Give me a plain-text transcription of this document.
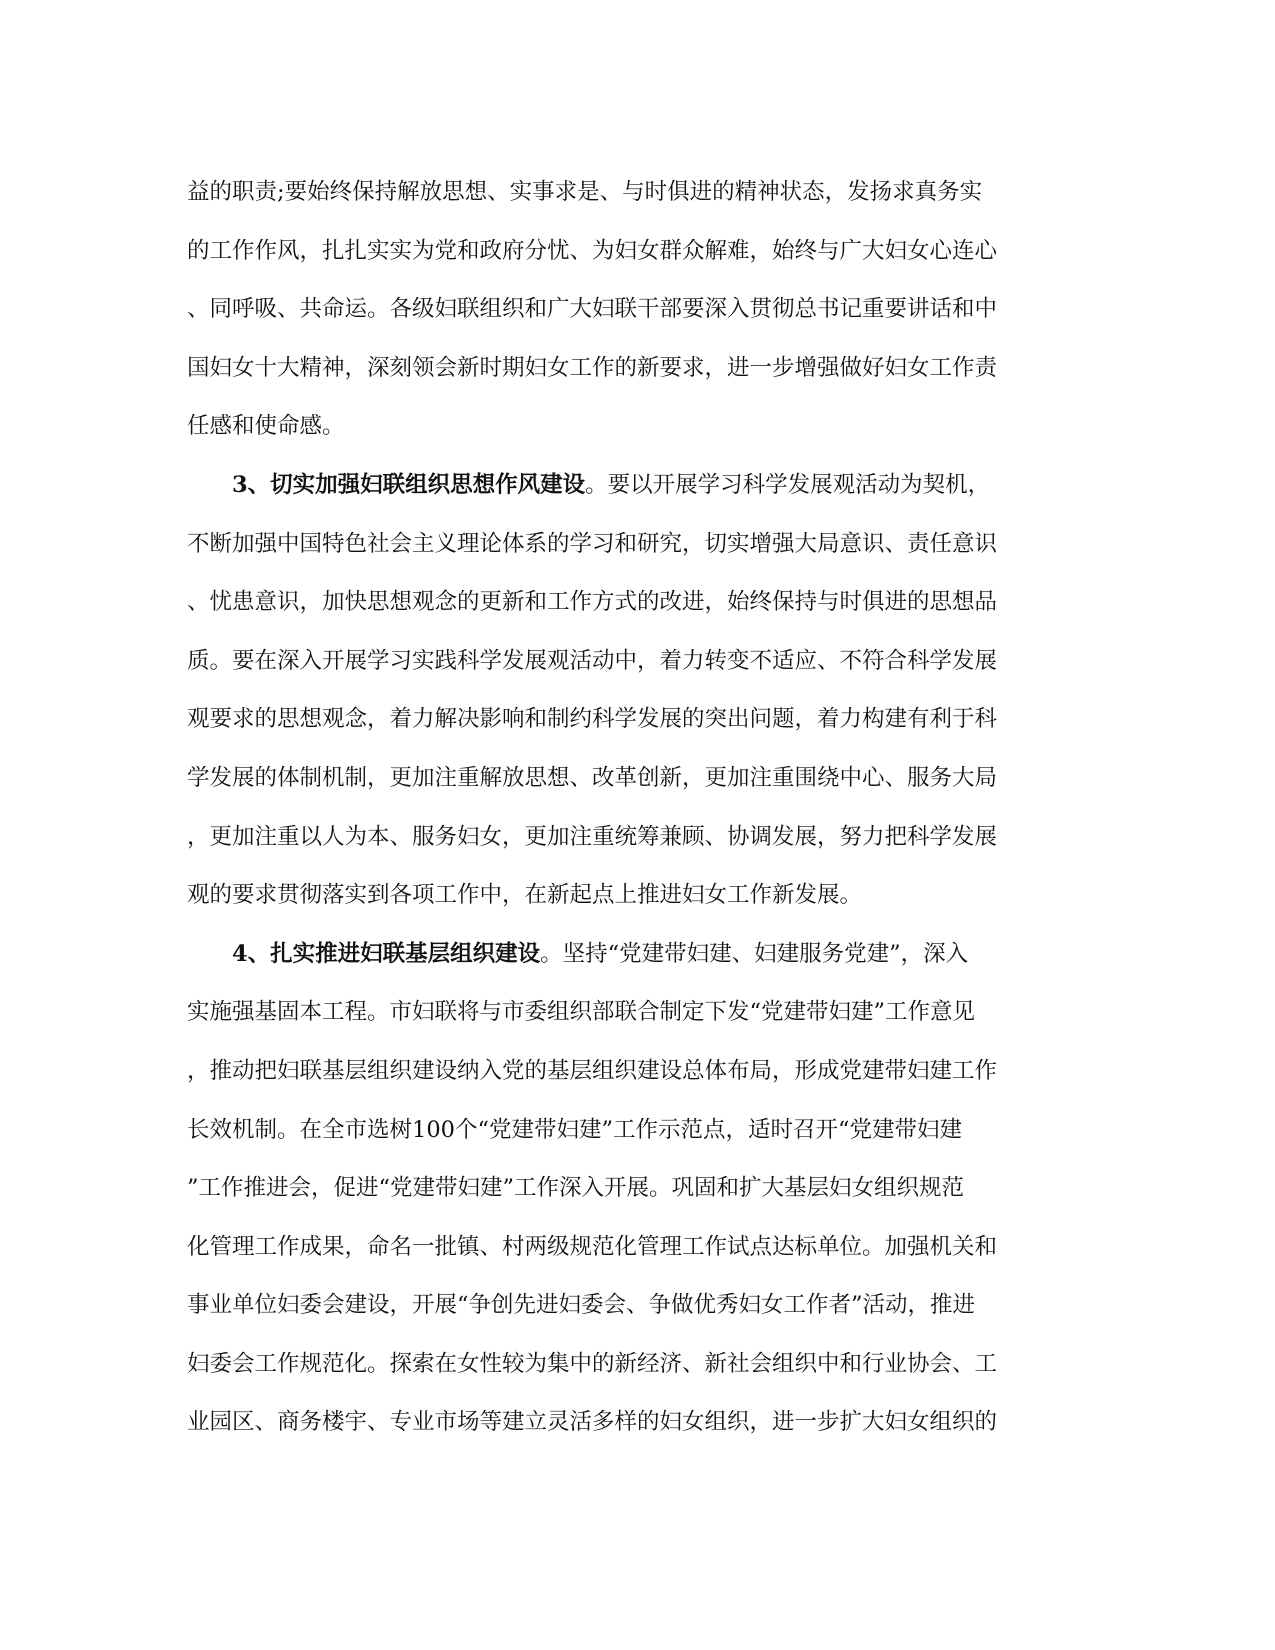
益的职责;要始终保持解放思想、实事求是、与时俱进的精神状态，发扬求真务实
的工作作风，扎扎实实为党和政府分忧、为妇女群众解难，始终与广大妇女心连心
、同呼吸、共命运。各级妇联组织和广大妇联干部要深入贯彻总书记重要讲话和中
国妇女十大精神，深刻领会新时期妇女工作的新要求，进一步增强做好妇女工作责
任感和使命感。
3、切实加强妇联组织思想作风建设。要以开展学习科学发展观活动为契机，
不断加强中国特色社会主义理论体系的学习和研究，切实增强大局意识、责任意识
、忧患意识，加快思想观念的更新和工作方式的改进，始终保持与时俱进的思想品
质。要在深入开展学习实践科学发展观活动中，着力转变不适应、不符合科学发展
观要求的思想观念，着力解决影响和制约科学发展的突出问题，着力构建有利于科
学发展的体制机制，更加注重解放思想、改革创新，更加注重围绕中心、服务大局
，更加注重以人为本、服务妇女，更加注重统筹兼顾、协调发展，努力把科学发展
观的要求贯彻落实到各项工作中，在新起点上推进妇女工作新发展。
4、扎实推进妇联基层组织建设。坚持“党建带妇建、妇建服务党建”，深入
实施强基固本工程。市妇联将与市委组织部联合制定下发“党建带妇建”工作意见
，推动把妇联基层组织建设纳入党的基层组织建设总体布局，形成党建带妇建工作
长效机制。在全市选树100个“党建带妇建”工作示范点，适时召开“党建带妇建
”工作推进会，促进“党建带妇建”工作深入开展。巩固和扩大基层妇女组织规范
化管理工作成果，命名一批镇、村两级规范化管理工作试点达标单位。加强机关和
事业单位妇委会建设，开展“争创先进妇委会、争做优秀妇女工作者”活动，推进
妇委会工作规范化。探索在女性较为集中的新经济、新社会组织中和行业协会、工
业园区、商务楼宇、专业市场等建立灵活多样的妇女组织，进一步扩大妇女组织的
